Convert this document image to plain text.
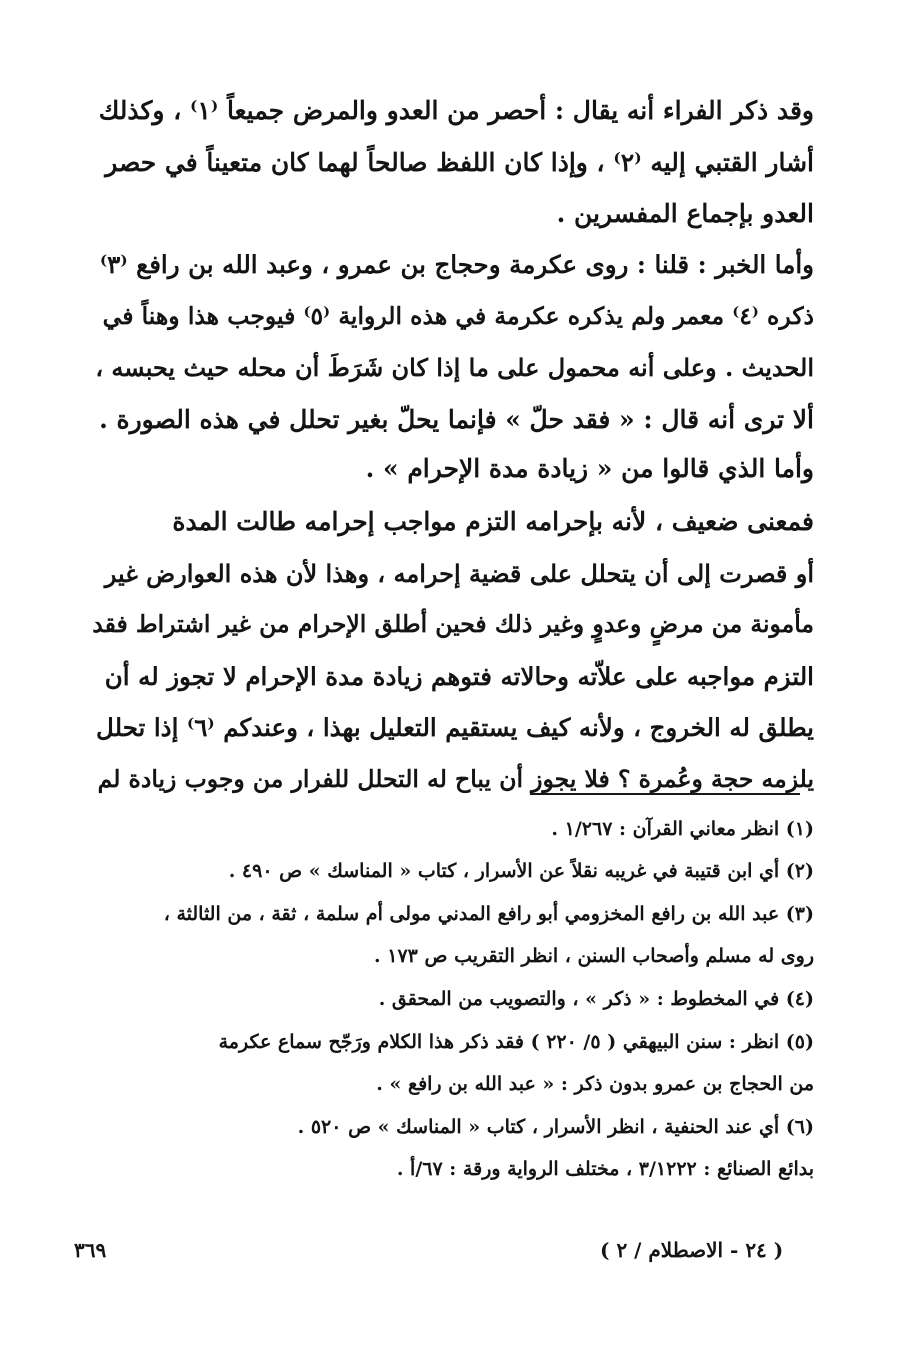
وقد ذكر الفراء أنه يقال : أحصر من العدو والمرض جميعاً ⁽١⁾ ، وكذلك
أشار القتبي إليه ⁽٢⁾ ، وإذا كان اللفظ صالحاً لهما كان متعيناً في حصر
العدو بإجماع المفسرين .

وأما الخبر : قلنا : روى عكرمة وحجاج بن عمرو ، وعبد الله بن رافع ⁽٣⁾
ذكره ⁽٤⁾ معمر ولم يذكره عكرمة في هذه الرواية ⁽٥⁾ فيوجب هذا وهناً في
الحديث . وعلى أنه محمول على ما إذا كان شَرَطَ أن محله حيث يحبسه ،
ألا ترى أنه قال : « فقد حلّ » فإنما يحلّ بغير تحلل في هذه الصورة .

وأما الذي قالوا من « زيادة مدة الإحرام » .

فمعنى ضعيف ، لأنه بإحرامه التزم مواجب إحرامه طالت المدة
أو قصرت إلى أن يتحلل على قضية إحرامه ، وهذا لأن هذه العوارض غير
مأمونة من مرضٍ وعدوٍ وغير ذلك فحين أطلق الإحرام من غير اشتراط فقد
التزم مواجبه على علاّته وحالاته فتوهم زيادة مدة الإحرام لا تجوز له أن
يطلق له الخروج ، ولأنه كيف يستقيم التعليل بهذا ، وعندكم ⁽٦⁾ إذا تحلل
يلزمه حجة وعُمرة ؟ فلا يجوز أن يباح له التحلل للفرار من وجوب زيادة لم

(١) انظر معاني القرآن : ١/٢٦٧ .

(٢) أي ابن قتيبة في غريبه نقلاً عن الأسرار ، كتاب « المناسك » ص ٤٩٠ .

(٣) عبد الله بن رافع المخزومي أبو رافع المدني مولى أم سلمة ، ثقة ، من الثالثة ،
روى له مسلم وأصحاب السنن ، انظر التقريب ص ١٧٣ .

(٤) في المخطوط : « ذكر » ، والتصويب من المحقق .

(٥) انظر : سنن البيهقي ( ٥/ ٢٢٠ ) فقد ذكر هذا الكلام ورَجّح سماع عكرمة
من الحجاج بن عمرو بدون ذكر : « عبد الله بن رافع » .

(٦) أي عند الحنفية ، انظر الأسرار ، كتاب « المناسك » ص ٥٢٠ .

بدائع الصنائع : ٣/١٢٢٢ ، مختلف الرواية ورقة : ٦٧/أ .

٣٦٩	( ٢٤ - الاصطلام / ٢ )
